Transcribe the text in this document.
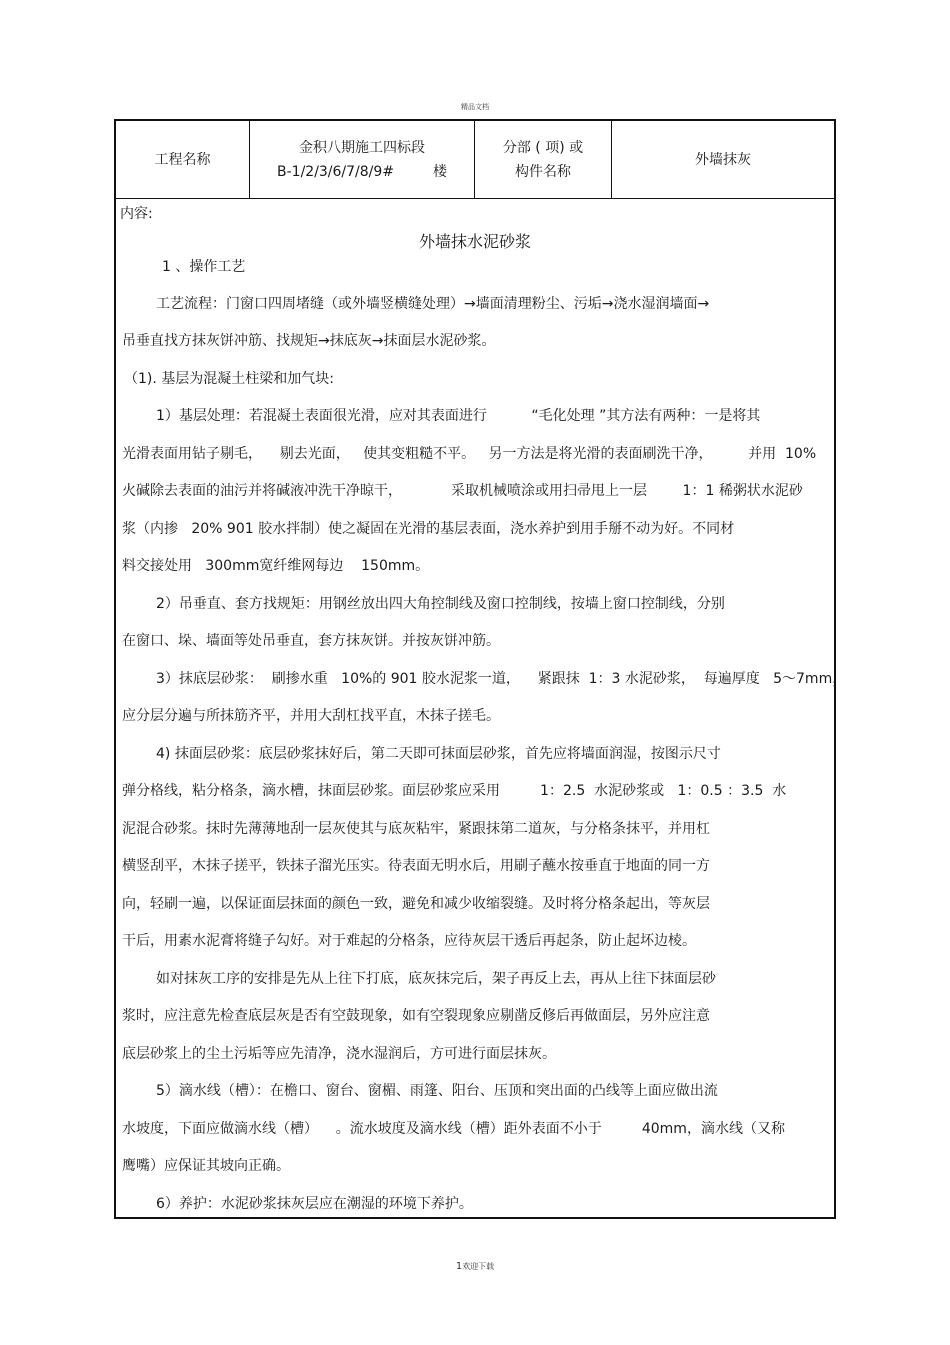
精品文档
工程名称
金积八期施工四标段
B-1/2/3/6/7/8/9#	楼
分部 ( 项) 或
构件名称
外墙抹灰
内容:
外墙抹水泥砂浆
1 、操作工艺
工艺流程：门窗口四周堵缝（或外墙竖横缝处理）→墙面清理粉尘、污垢→浇水湿润墙面→
吊垂直找方抹灰饼冲筋、找规矩→抹底灰→抹面层水泥砂浆。
（1). 基层为混凝土柱梁和加气块:
1）基层处理：若混凝土表面很光滑，应对其表面进行          “毛化处理 ”其方法有两种：一是将其
光滑表面用钻子剔毛，    剔去光面，   使其变粗糙不平。   另一方法是将光滑的表面刷洗干净，        并用  10%
火碱除去表面的油污并将碱液冲洗干净晾干，           采取机械喷涂或用扫帚甩上一层        1：1 稀粥状水泥砂
浆（内掺   20% 901 胶水拌制）使之凝固在光滑的基层表面，浇水养护到用手掰不动为好。不同材
料交接处用   300mm宽纤维网每边    150mm。
2）吊垂直、套方找规矩：用钢丝放出四大角控制线及窗口控制线，按墙上窗口控制线，分别
在窗口、垛、墙面等处吊垂直，套方抹灰饼。并按灰饼冲筋。
3）抹底层砂浆：  刷掺水重   10%的 901 胶水泥浆一道，    紧跟抹  1：3 水泥砂浆，  每遍厚度   5～7mm，
应分层分遍与所抹筋齐平，并用大刮杠找平直，木抹子搓毛。
4) 抹面层砂浆：底层砂浆抹好后，第二天即可抹面层砂浆，首先应将墙面润湿，按图示尺寸
弹分格线，粘分格条，滴水槽，抹面层砂浆。面层砂浆应采用         1：2.5  水泥砂浆或   1：0.5 ：3.5  水
泥混合砂浆。抹时先薄薄地刮一层灰使其与底灰粘牢，紧跟抹第二道灰，与分格条抹平，并用杠
横竖刮平，木抹子搓平，铁抹子溜光压实。待表面无明水后，用刷子蘸水按垂直于地面的同一方
向，轻刷一遍，以保证面层抹面的颜色一致，避免和减少收缩裂缝。及时将分格条起出，等灰层
干后，用素水泥膏将缝子勾好。对于难起的分格条，应待灰层干透后再起条，防止起坏边棱。
如对抹灰工序的安排是先从上往下打底，底灰抹完后，架子再反上去，再从上往下抹面层砂
浆时，应注意先检查底层灰是否有空鼓现象，如有空裂现象应剔凿反修后再做面层，另外应注意
底层砂浆上的尘土污垢等应先清净，浇水湿润后，方可进行面层抹灰。
5）滴水线（槽）：在檐口、窗台、窗楣、雨篷、阳台、压顶和突出面的凸线等上面应做出流
水坡度，下面应做滴水线（槽）    。流水坡度及滴水线（槽）距外表面不小于         40mm，滴水线（又称
鹰嘴）应保证其坡向正确。
6）养护：水泥砂浆抹灰层应在潮湿的环境下养护。
1欢迎下载
